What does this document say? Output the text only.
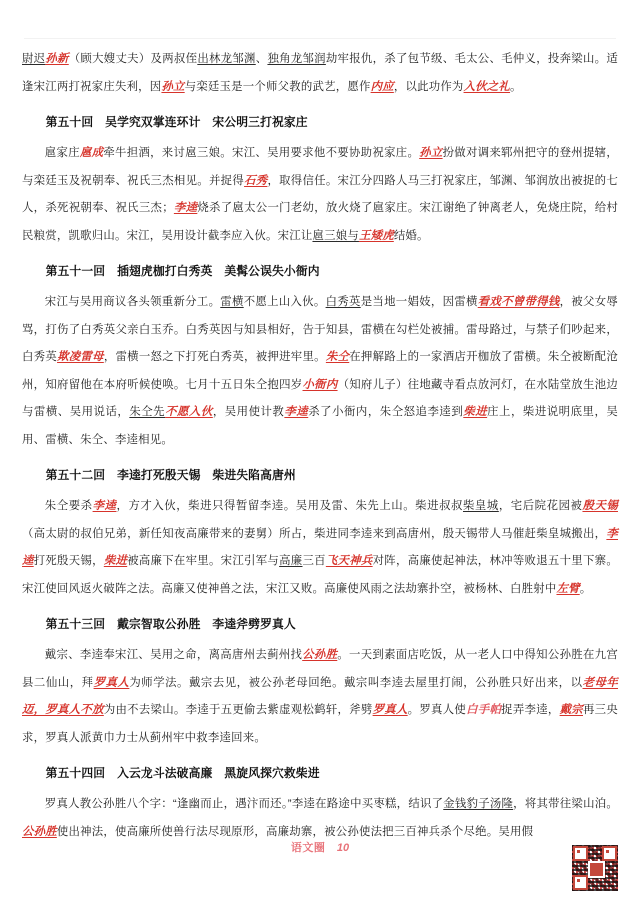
尉迟孙新（顾大嫂丈夫）及两叔侄出林龙邹渊、独角龙邹润劫牢报仇，杀了包节级、毛太公、毛仲义，投奔梁山。适逢宋江两打祝家庄失利，因孙立与栾廷玉是一个师父教的武艺，愿作内应，以此功作为入伙之礼。

第五十回　吴学究双掌连环计　宋公明三打祝家庄

扈家庄扈成牵牛担酒，来讨扈三娘。宋江、吴用要求他不要协助祝家庄。孙立扮做对调来郓州把守的登州提辖，与栾廷玉及祝朝奉、祝氏三杰相见。并捉得石秀，取得信任。宋江分四路人马三打祝家庄，邹渊、邹润放出被捉的七人，杀死祝朝奉、祝氏三杰；李逵烧杀了扈太公一门老幼，放火烧了扈家庄。宋江谢绝了钟离老人，免烧庄院，给村民粮赏，凯歌归山。宋江，吴用设计截李应入伙。宋江让扈三娘与王矮虎结婚。

第五十一回　插翅虎枷打白秀英　美髯公误失小衙内

宋江与吴用商议各头领重新分工。雷横不愿上山入伙。白秀英是当地一娼妓，因雷横看戏不曾带得钱，被父女辱骂，打伤了白秀英父亲白玉乔。白秀英因与知县相好，告于知县，雷横在勾栏处被捕。雷母路过，与禁子们吵起来，白秀英欺凌雷母，雷横一怒之下打死白秀英，被押进牢里。朱仝在押解路上的一家酒店开枷放了雷横。朱仝被断配沧州，知府留他在本府听候使唤。七月十五日朱仝抱四岁小衙内（知府儿子）往地藏寺看点放河灯，在水陆堂放生池边与雷横、吴用说话，朱仝先不愿入伙，吴用使计教李逵杀了小衙内，朱仝怒追李逵到柴进庄上，柴进说明底里，吴用、雷横、朱仝、李逵相见。

第五十二回　李逵打死殷天锡　柴进失陷高唐州

朱仝要杀李逵，方才入伙，柴进只得暂留李逵。吴用及雷、朱先上山。柴进叔叔柴皇城，宅后院花园被殷天锡（高太尉的叔伯兄弟，新任知夜高廉带来的妻舅）所占，柴进同李逵来到高唐州，殷天锡带人马催赶柴皇城搬出，李逵打死殷天锡，柴进被高廉下在牢里。宋江引军与高廉三百飞天神兵对阵，高廉使起神法，林冲等败退五十里下寨。宋江使回风返火破阵之法。高廉又使神兽之法，宋江又败。高廉使风雨之法劫寨扑空，被杨林、白胜射中左臂。

第五十三回　戴宗智取公孙胜　李逵斧劈罗真人

戴宗、李逵奉宋江、吴用之命，离高唐州去蓟州找公孙胜。一天到素面店吃饭，从一老人口中得知公孙胜在九宫县二仙山，拜罗真人为师学法。戴宗去见，被公孙老母回绝。戴宗叫李逵去屋里打闹，公孙胜只好出来，以老母年迈，罗真人不放为由不去梁山。李逵于五更偷去紫虚观松鹤轩，斧劈罗真人。罗真人使白手帕捉弄李逵，戴宗再三央求，罗真人派黄巾力士从蓟州牢中救李逵回来。

第五十四回　入云龙斗法破高廉　黑旋风探穴救柴进

罗真人教公孙胜八个字：“逢幽而止，遇汴而还。”李逵在路途中买枣糕，结识了金钱豹子汤隆，将其带往梁山泊。公孙胜使出神法，使高廉所使兽行法尽现原形，高廉劫寨，被公孙使法把三百神兵杀个尽绝。吴用假

语文圈 10
